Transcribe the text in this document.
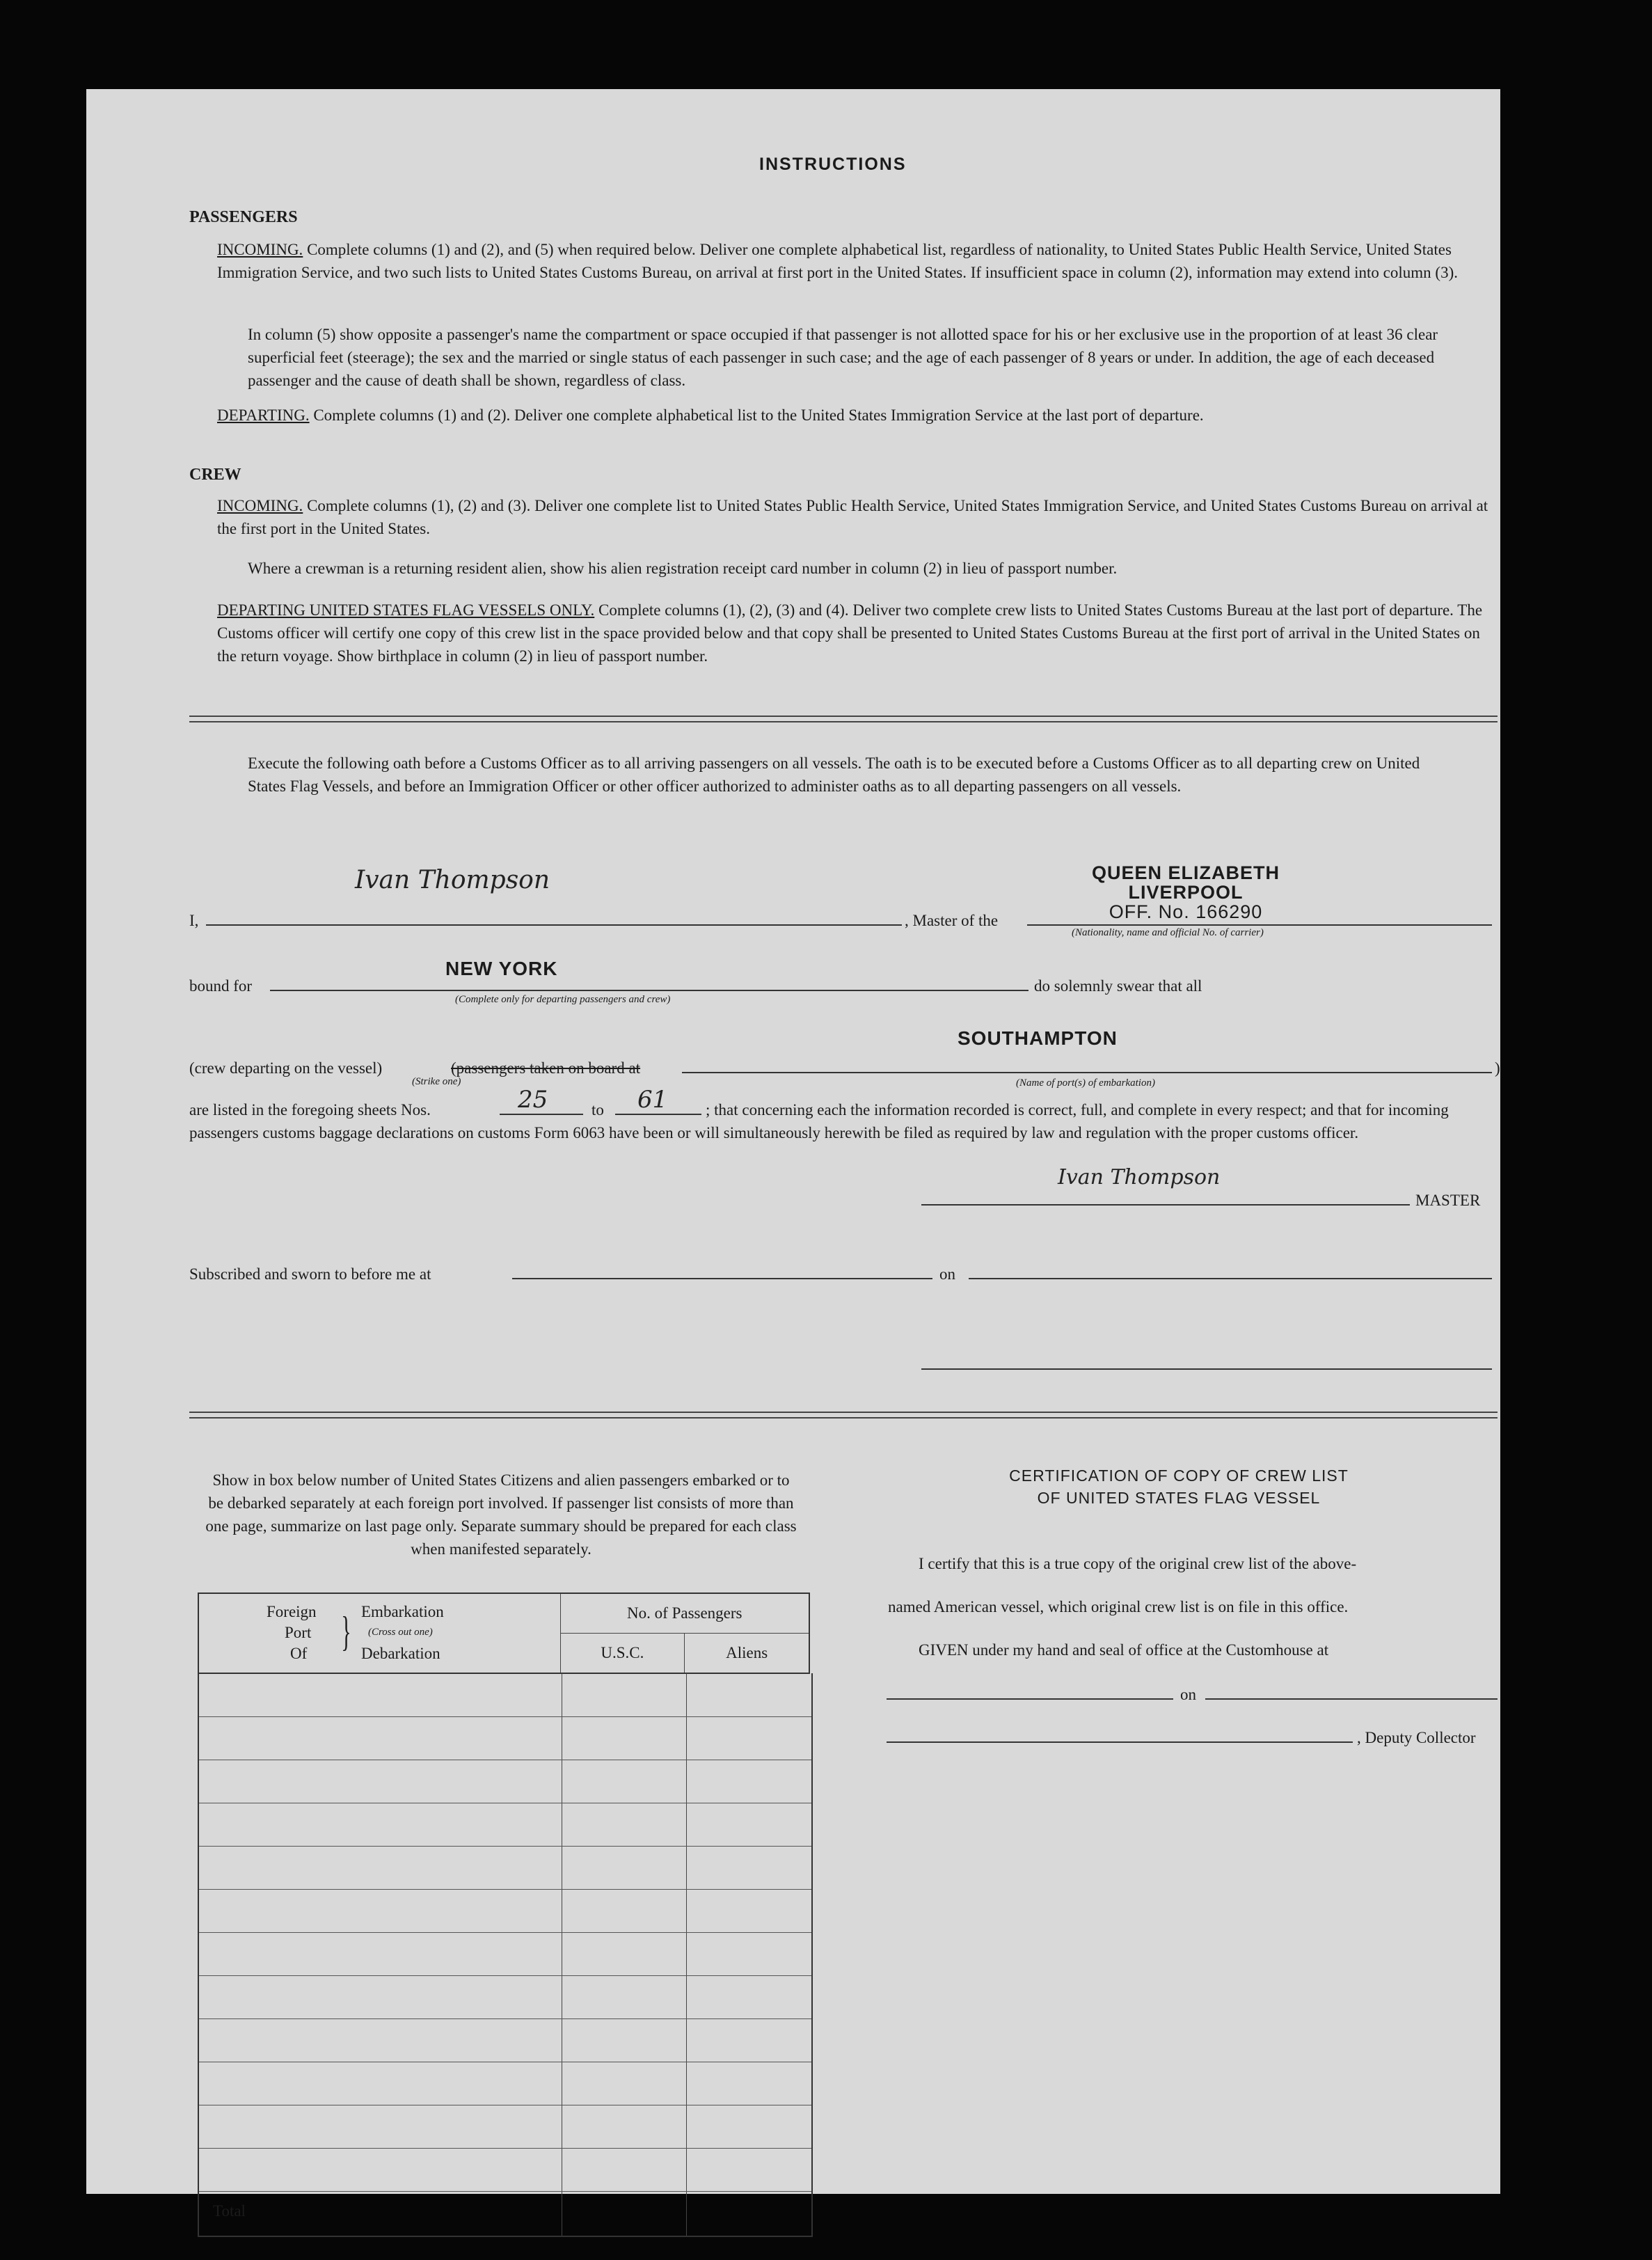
INSTRUCTIONS
PASSENGERS
INCOMING. Complete columns (1) and (2), and (5) when required below. Deliver one complete alphabetical list, regardless of nationality, to United States Public Health Service, United States Immigration Service, and two such lists to United States Customs Bureau, on arrival at first port in the United States. If insufficient space in column (2), information may extend into column (3).
In column (5) show opposite a passenger's name the compartment or space occupied if that passenger is not allotted space for his or her exclusive use in the proportion of at least 36 clear superficial feet (steerage); the sex and the married or single status of each passenger in such case; and the age of each passenger of 8 years or under. In addition, the age of each deceased passenger and the cause of death shall be shown, regardless of class.
DEPARTING. Complete columns (1) and (2). Deliver one complete alphabetical list to the United States Immigration Service at the last port of departure.
CREW
INCOMING. Complete columns (1), (2) and (3). Deliver one complete list to United States Public Health Service, United States Immigration Service, and United States Customs Bureau on arrival at the first port in the United States.
Where a crewman is a returning resident alien, show his alien registration receipt card number in column (2) in lieu of passport number.
DEPARTING UNITED STATES FLAG VESSELS ONLY. Complete columns (1), (2), (3) and (4). Deliver two complete crew lists to United States Customs Bureau at the last port of departure. The Customs officer will certify one copy of this crew list in the space provided below and that copy shall be presented to United States Customs Bureau at the first port of arrival in the United States on the return voyage. Show birthplace in column (2) in lieu of passport number.
Execute the following oath before a Customs Officer as to all arriving passengers on all vessels. The oath is to be executed before a Customs Officer as to all departing crew on United States Flag Vessels, and before an Immigration Officer or other officer authorized to administer oaths as to all departing passengers on all vessels.
I,
Ivan Thompson
, Master of the
QUEEN ELIZABETH
LIVERPOOL
OFF. No. 166290
(Nationality, name and official No. of carrier)
bound for
NEW YORK
(Complete only for departing passengers and crew)
do solemnly swear that all
(crew departing on the vessel)	(passengers taken on board at
(Strike one)
SOUTHAMPTON
(Name of port(s) of embarkation)
)
are listed in the foregoing sheets Nos.	25	to 61	; that concerning each the information recorded is correct, full, and complete in every respect; and that for incoming passengers customs baggage declarations on customs Form 6063 have been or will simultaneously herewith be filed as required by law and regulation with the proper customs officer.
Ivan Thompson
MASTER
Subscribed and sworn to before me at	on
Show in box below number of United States Citizens and alien passengers embarked or to be debarked separately at each foreign port involved. If passenger list consists of more than one page, summarize on last page only. Separate summary should be prepared for each class when manifested separately.
Foreign
Port
Of } Embarkation
(Cross out one)
Debarkation

No. of Passengers
U.S.C.	Aliens
Total
CERTIFICATION OF COPY OF CREW LIST
OF UNITED STATES FLAG VESSEL
I certify that this is a true copy of the original crew list of the above-
named American vessel, which original crew list is on file in this office.
GIVEN under my hand and seal of office at the Customhouse at
on
, Deputy Collector
